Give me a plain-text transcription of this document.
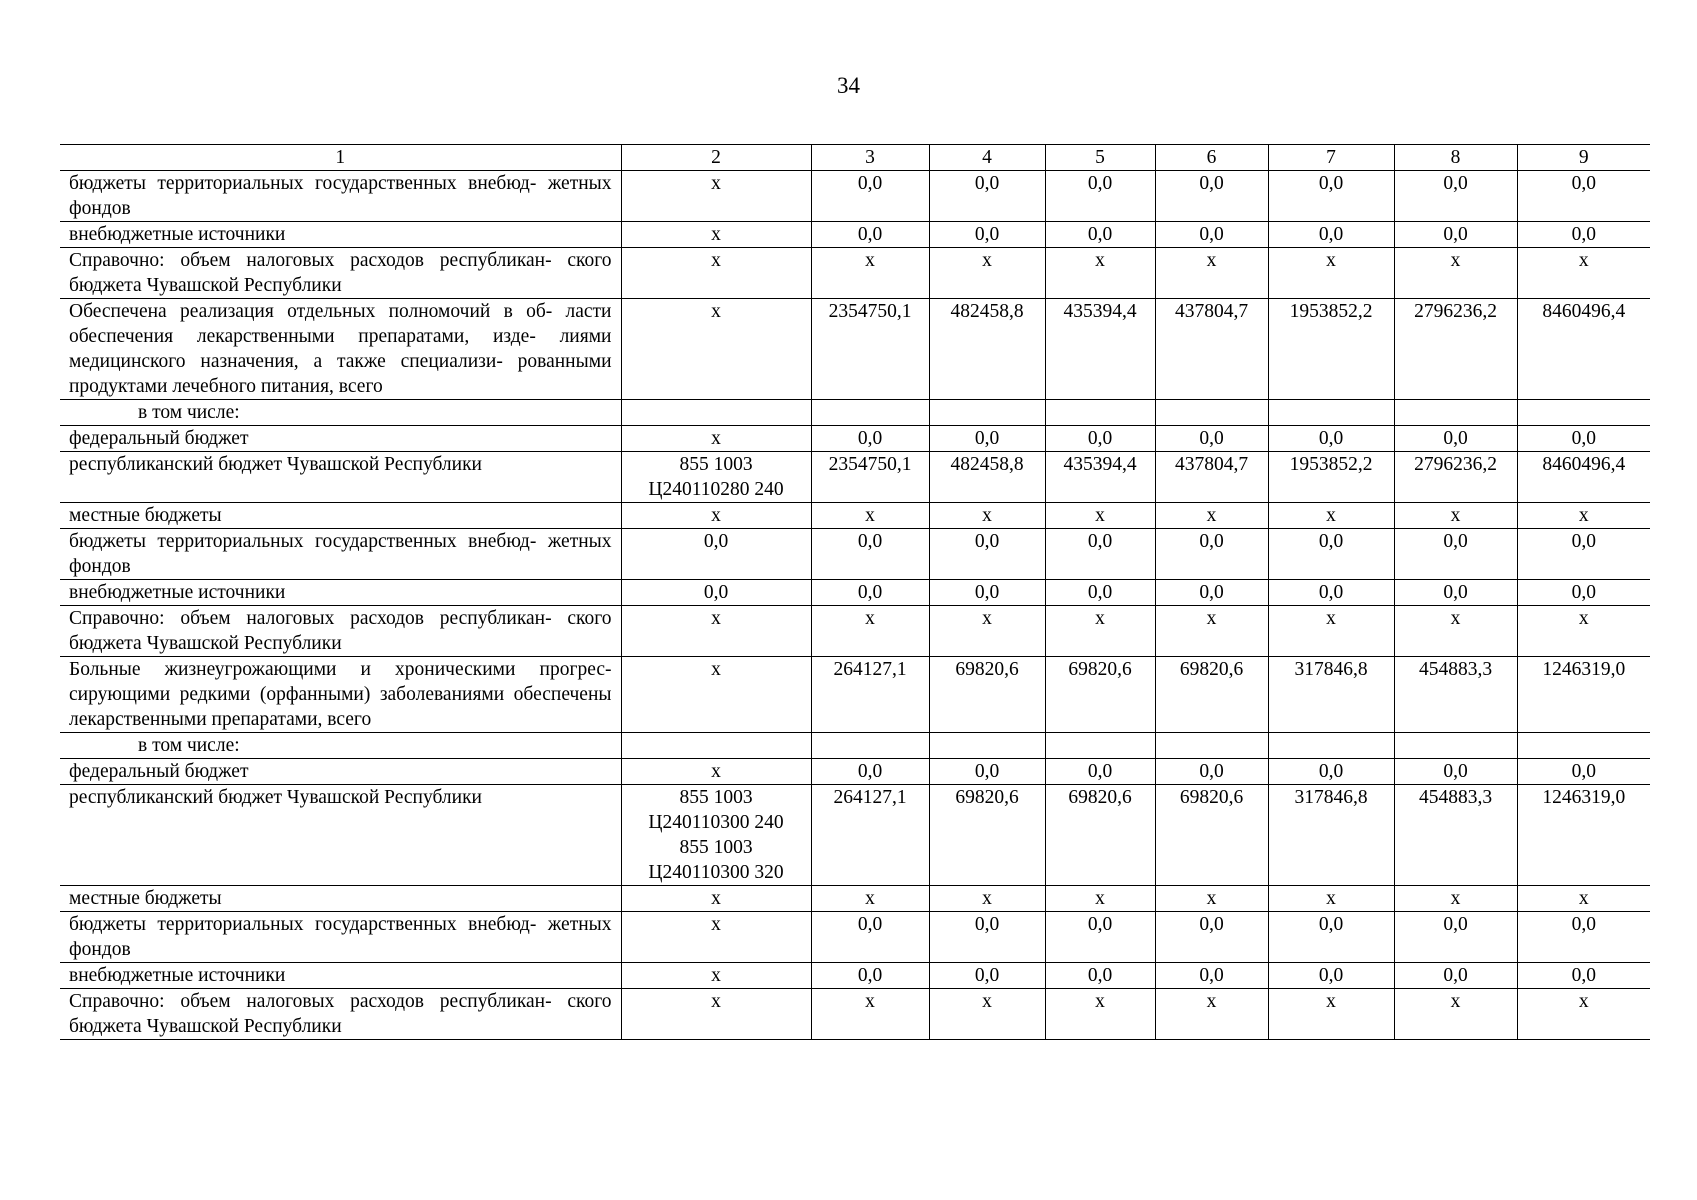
34
1	2	3	4	5	6	7	8	9
бюджеты территориальных государственных внебюд- жетных фондов	х	0,0	0,0	0,0	0,0	0,0	0,0	0,0
внебюджетные источники	х	0,0	0,0	0,0	0,0	0,0	0,0	0,0
Справочно: объем налоговых расходов республикан- ского бюджета Чувашской Республики	х	х	х	х	х	х	х	х
Обеспечена реализация отдельных полномочий в об- ласти обеспечения лекарственными препаратами, изде- лиями медицинского назначения, а также специализи- рованными продуктами лечебного питания, всего	х	2354750,1	482458,8	435394,4	437804,7	1953852,2	2796236,2	8460496,4
в том числе:	

федеральный бюджет	х	0,0	0,0	0,0	0,0	0,0	0,0	0,0
республиканский бюджет Чувашской Республики	855 1003
Ц240110280 240	2354750,1	482458,8	435394,4	437804,7	1953852,2	2796236,2	8460496,4
местные бюджеты	х	х	х	х	х	х	х	х
бюджеты территориальных государственных внебюд- жетных фондов	0,0	0,0	0,0	0,0	0,0	0,0	0,0	0,0
внебюджетные источники	0,0	0,0	0,0	0,0	0,0	0,0	0,0	0,0
Справочно: объем налоговых расходов республикан- ского бюджета Чувашской Республики	х	х	х	х	х	х	х	х
Больные жизнеугрожающими и хроническими прогрес- сирующими редкими (орфанными) заболеваниями обеспечены лекарственными препаратами, всего	х	264127,1	69820,6	69820,6	69820,6	317846,8	454883,3	1246319,0
в том числе:	

федеральный бюджет	х	0,0	0,0	0,0	0,0	0,0	0,0	0,0
республиканский бюджет Чувашской Республики	855 1003
Ц240110300 240
855 1003
Ц240110300 320	264127,1	69820,6	69820,6	69820,6	317846,8	454883,3	1246319,0
местные бюджеты	х	х	х	х	х	х	х	х
бюджеты территориальных государственных внебюд- жетных фондов	х	0,0	0,0	0,0	0,0	0,0	0,0	0,0
внебюджетные источники	х	0,0	0,0	0,0	0,0	0,0	0,0	0,0
Справочно: объем налоговых расходов республикан- ского бюджета Чувашской Республики	х	х	х	х	х	х	х	х
